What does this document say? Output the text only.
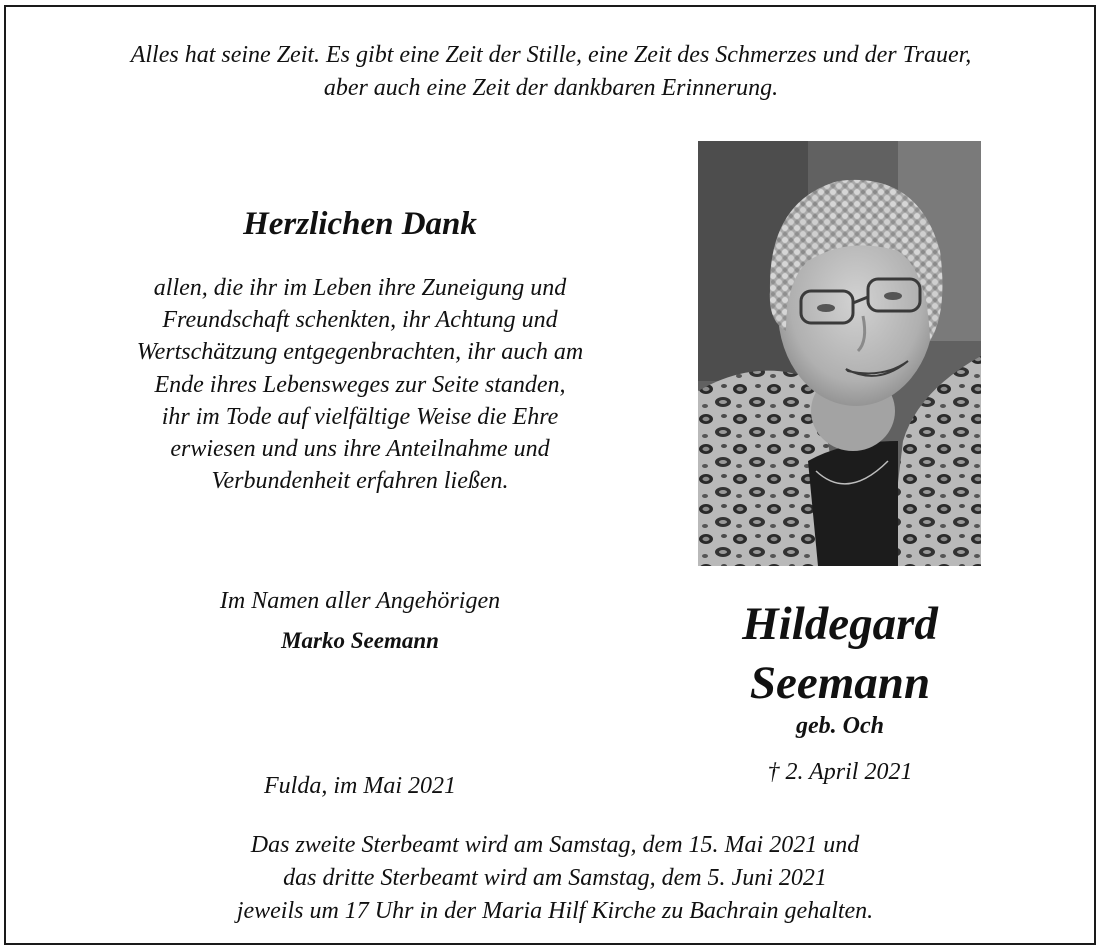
Alles hat seine Zeit. Es gibt eine Zeit der Stille, eine Zeit des Schmerzes und der Trauer,
aber auch eine Zeit der dankbaren Erinnerung.
Herzlichen Dank
allen, die ihr im Leben ihre Zuneigung und
Freundschaft schenkten, ihr Achtung und
Wertschätzung entgegenbrachten, ihr auch am
Ende ihres Lebensweges zur Seite standen,
ihr im Tode auf vielfältige Weise die Ehre
erwiesen und uns ihre Anteilnahme und
Verbundenheit erfahren ließen.
Im Namen aller Angehörigen
Marko Seemann
Fulda, im Mai 2021
Hildegard
Seemann
geb. Och
† 2. April 2021
Das zweite Sterbeamt wird am Samstag, dem 15. Mai 2021 und
das dritte Sterbeamt wird am Samstag, dem 5. Juni 2021
jeweils um 17 Uhr in der Maria Hilf Kirche zu Bachrain gehalten.
